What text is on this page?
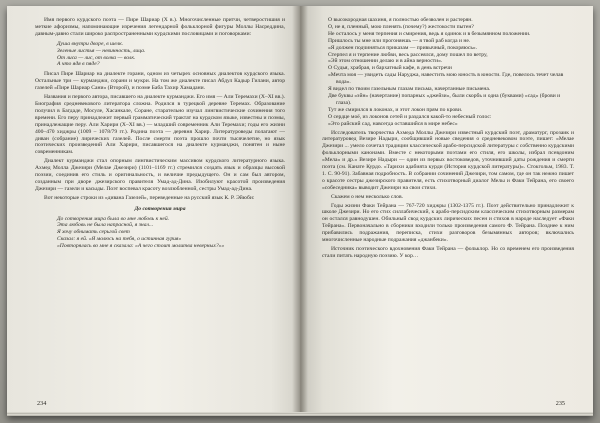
Имя первого курдского поэта — Пире Шариар (X в.). Многочисленные притчи, четверостишия и меткие афоризмы, напоминающие изречения легендарной фольклорной фигуры Моллы Насреддина, давным-давно стали широко распространенными курдскими пословицами и поговорками:

Душа внутри дворе, в шелк.
Зеленые листья — невинность, лица.
От лиса — лис, от волка — волк.
А что ядя в пяде?

Писал Пире Шариар на диалекте горани, одном из четырех основных диалектов курдского языка. Остальные три — курманджи, сорани и мукри. На том же диалекте писал Абдул Кадыр Гилани, автор газелей «Пире Шариар Сани» (Второй), и поэме Баба Тахир Хамадани.

Названия и первого автора, писавшего на диалекте курманджи. Его имя — Али Теремахи (X–XI вв.). Биография средневекового литератора сложна. Родился в турецкой деревне Теремах. Образование получил в Багдаде, Мосуле, Хасанкале, Соране, старательно изучал лингвистические сочинения того времени. Его перу принадлежит первый грамматический трактат на курдском языке, известны и поэмы, принадлежащие перу. Али Харири (X–XI вв.) — младший современник Али Теремахи; годы его жизни 400–470 хиджры (1009 – 1078/79 гг.). Родина поэта — деревня Харир. Литературоведы полагают — диван (собрание) лирических газелей. После смерти поэта прошло почти тысячелетие, но язык поэтических произведений Али Харири, писавшегося на диалекте курманджи, понятен и ныне современникам.

Диалект курманджи стал опорным лингвистическим массивом курдского литературного языка. Ахмед Молла Джезири (Мелае Джезири) (1101–1169 гг.) стремился создать язык и образцы высокой поэзии, соединив его стиль и оригинальность, и величие предыдущего. Он и сам был автором, созданным при дворе джезирского правителя Умад-ад-Дина. Изобилуют красотой произведения Джезири — газели и касыды. Поэт воспевал красоту возлюбленной, сестры Умад-ад-Дина.

Вот некоторые строки из «дивана Газелей», переведенные на русский язык К. Р. Эйюби:

До сотворения мира
До сотворения мира была во мне любовь к ней.
Эта любовь не была напрасной, я знал...
Я хочу обнимать серьгой свет
Сказал: я ей. «Я молюсь на тебя, о истинная гурия»
«Повторялась во мне я сказала: «А чего стоит молитва неверных?»»
234

О высокородная шахиня, я полностью обезволен и растерян.

О, не я, пленный, мою пленять (почему?) жестокости пытен?

Не осталось у меня терпения и смирения, ведь я одинок и в безымянном положении.

Пришлось ты мне или прогоняешь — я твой раб когда и не.

«Я должен подчиняться приказам — привычный, покоряюсь».

Стерпел я и терпение любви, весь рассеялся, дому пошел по ветру,

«Эй этом отношении делаю и в айна верности».

О Судья, храбрая, и бархатный кафе, в день встречи

«Мечта моя — увидеть сады Наруджа, навестить мою юность в юности. Где, повелось течет челав вода».

Я видел по твоим газельным глазам письма, начертанные письмена.

Две буквы «эйн» (начертание) попарных «джейзи», были скорбь и одна (буквами) «сад» (брови и глаза).

Тут же смирился в локонах, и этот локон прям по крови.

О сердце моё, из локонов сетей и раздался какой-то небесный голос:

«Это райский сад, навсегда оставшийся в мире небес»

Исследователь творчества Ахмеда Моллы Джезири известный курдский поэт, драматург, прозаик и литературовед Везире Надыри, сообщивший новые сведения о средневековом поэте, пишет: «Мелае Джезири ... умело сочетал традиции классической арабо-персидской литературы с собственно курдскими фольклорными канонами. Вместе с некоторыми поэтами его стиля, его школы, избрал псевдоним «Мела» и др.» Везире Надыри — один из первых востоковедов, уточнивший даты рождения и смерти поэта (см. Канате Курдо. «Тарихи адабията курди (История курдской литературы)». Стокгольм, 1983. Т. 1. С. 90-91). Забавная подробность. В собрании сочинений Джезири, том самом, где он так нежно пишет о красоте сестры джезирского правителя, есть стихотворный диалог Мелы и Факи Тейрана, его своего «собеседника» выводит Джезири на свои стихи.

Скажем о нем несколько слов.

Годы жизни Факи Тейрана — 767-720 хиджры (1302-1375 гг.). Поэт действительно принадлежит к школе Джезири. Но его стих силлабический, к арабо-персидским классическим стихотворным размерам он остался равнодушен. Обильный свод курдских лирических песен и стихов в народе наследует «Факи Тейрана». Первоначально в сборники входили только произведения самого Ф. Тейрана. Позднее к ним прибавились подражания, переписка, стихи разговоров безымянных авторов; включались многочисленные народные подражания «джанбеки».

Источник поэтического вдохновения Факи Тейрана — фольклор. Но со временем его произведения стали питать народную поэзию. У кор…

235
